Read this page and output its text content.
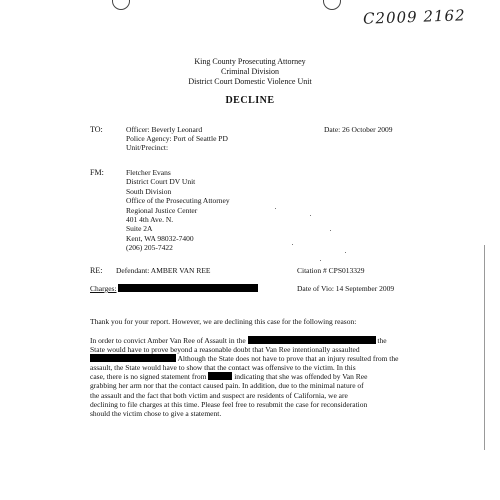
C2009 2162
King County Prosecuting Attorney
Criminal Division
District Court Domestic Violence Unit
DECLINE
TO:	Officer: Beverly Leonard
Police Agency: Port of Seattle PD
Unit/Precinct:
Date: 26 October 2009
FM:	Fletcher Evans
District Court DV Unit
South Division
Office of the Prosecuting Attorney
Regional Justice Center
401 4th Ave. N.
Suite 2A
Kent, WA 98032-7400
(206) 205-7422
RE: Defendant: AMBER VAN REE	Citation # CPS013329
Charges:	Date of Vio: 14 September 2009
Thank you for your report. However, we are declining this case for the following reason:
In order to convict Amber Van Ree of Assault in the	the
State would have to prove beyond a reasonable doubt that Van Ree intentionally assaulted
Although the State does not have to prove that an injury resulted from the
assault, the State would have to show that the contact was offensive to the victim. In this
case, there is no signed statement from	indicating that she was offended by Van Ree
grabbing her arm nor that the contact caused pain. In addition, due to the minimal nature of
the assault and the fact that both victim and suspect are residents of California, we are
declining to file charges at this time. Please feel free to resubmit the case for reconsideration
should the victim chose to give a statement.
